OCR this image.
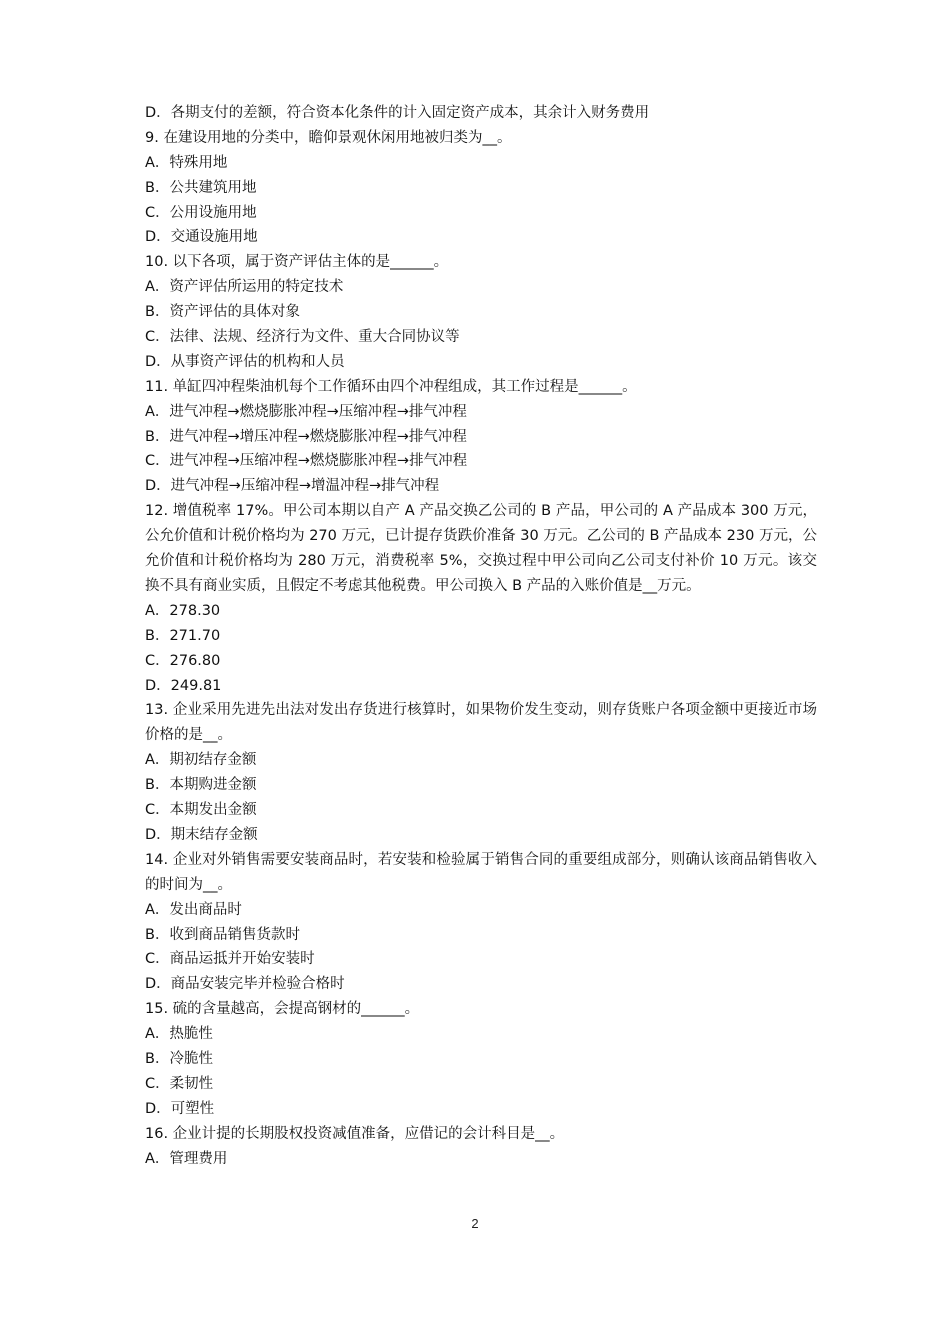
D．各期支付的差额，符合资本化条件的计入固定资产成本，其余计入财务费用
9. 在建设用地的分类中，瞻仰景观休闲用地被归类为__。
A．特殊用地
B．公共建筑用地
C．公用设施用地
D．交通设施用地
10. 以下各项，属于资产评估主体的是______。
A．资产评估所运用的特定技术
B．资产评估的具体对象
C．法律、法规、经济行为文件、重大合同协议等
D．从事资产评估的机构和人员
11. 单缸四冲程柴油机每个工作循环由四个冲程组成，其工作过程是______。
A．进气冲程→燃烧膨胀冲程→压缩冲程→排气冲程
B．进气冲程→增压冲程→燃烧膨胀冲程→排气冲程
C．进气冲程→压缩冲程→燃烧膨胀冲程→排气冲程
D．进气冲程→压缩冲程→增温冲程→排气冲程
12. 增值税率 17%。甲公司本期以自产 A 产品交换乙公司的 B 产品，甲公司的 A 产品成本 300 万元，公允价值和计税价格均为 270 万元，已计提存货跌价准备 30 万元。乙公司的 B 产品成本 230 万元，公允价值和计税价格均为 280 万元，消费税率 5%，交换过程中甲公司向乙公司支付补价 10 万元。该交换不具有商业实质，且假定不考虑其他税费。甲公司换入 B 产品的入账价值是__万元。
A．278.30
B．271.70
C．276.80
D．249.81
13. 企业采用先进先出法对发出存货进行核算时，如果物价发生变动，则存货账户各项金额中更接近市场价格的是__。
A．期初结存金额
B．本期购进金额
C．本期发出金额
D．期末结存金额
14. 企业对外销售需要安装商品时，若安装和检验属于销售合同的重要组成部分，则确认该商品销售收入的时间为__。
A．发出商品时
B．收到商品销售货款时
C．商品运抵并开始安装时
D．商品安装完毕并检验合格时
15. 硫的含量越高，会提高钢材的______。
A．热脆性
B．冷脆性
C．柔韧性
D．可塑性
16. 企业计提的长期股权投资减值准备，应借记的会计科目是__。
A．管理费用
2
